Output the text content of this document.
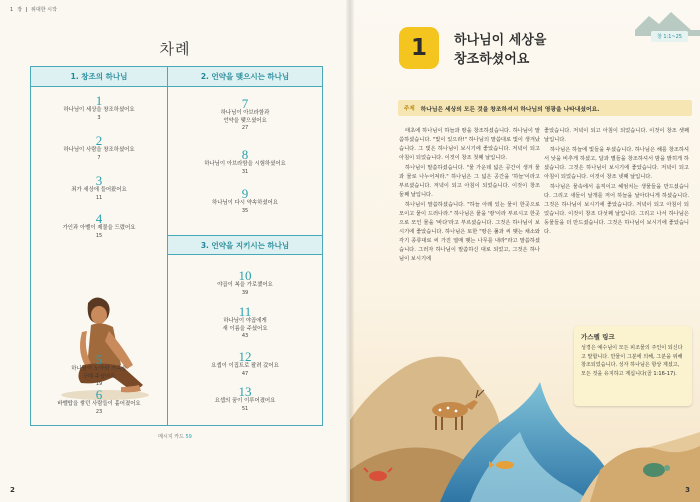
1 장 위대한 시작
차례
1. 창조의 하나님
1
하나님이 세상을 창조하셨어요
3
2
하나님이 사람을 창조하셨어요
7
3
죄가 세상에 들어왔어요
11
4
가인과 아벨이 제물을 드렸어요
15
5
하나님이 노아와 가족을
구해 주셨어요
19
6
바벨탑을 쌓던 사람들이 흩어졌어요
23
2. 언약을 맺으시는 하나님
7
하나님이 아브라함과
언약을 맺으셨어요
27
8
하나님이 아브라함을 시험하셨어요
31
9
하나님이 다시 약속하셨어요
35
3. 언약을 지키시는 하나님
10
야곱이 복을 가로챘어요
39
11
하나님이 야곱에게
새 이름을 주셨어요
43
12
요셉이 이집트로 팔려 갔어요
47
13
요셉의 꿈이 이루어졌어요
51
메시지 카드 59
2
1	하나님이 세상을
창조하셨어요
창 1:1~25
주제 하나님은 세상의 모든 것을 창조하셔서 하나님의 영광을 나타내셨어요.

태초에 하나님이 하늘과 땅을 창조하셨습니다. 하나님이 말씀하셨습니다. "빛이 있으라!" 하나님의 말씀대로 빛이 생겨났습니다. 그 빛은 하나님이 보시기에 좋았습니다. 저녁이 되고 아침이 되었습니다. 이것이 창조 첫째 날입니다.

하나님이 말씀하셨습니다. "물 가운데 넓은 공간이 생겨 물과 물로 나누어져라." 하나님은 그 넓은 공간을 '하늘'이라고 부르셨습니다. 저녁이 되고 아침이 되었습니다. 이것이 창조 둘째 날입니다.

하나님이 말씀하셨습니다. "하늘 아래 있는 물이 한곳으로 모이고 뭍이 드러나라." 하나님은 뭍을 '땅'이라 부르시고 한곳으로 모인 물을 '바다'라고 부르셨습니다. 그것은 하나님이 보시기에 좋았습니다. 하나님은 또한 "땅은 풀과 씨 맺는 채소와 각기 종류대로 씨 가진 열매 맺는 나무를 내라"라고 말씀하셨습니다. 그러자 하나님이 말씀하신 대로 되었고, 그것은 하나님이 보시기에

좋았습니다. 저녁이 되고 아침이 되었습니다. 이것이 창조 셋째 날입니다.

하나님은 하늘에 빛들을 두셨습니다. 하나님은 해를 창조하셔서 낮을 비추게 하셨고, 달과 별들을 창조하셔서 밤을 밝히게 하셨습니다. 그것은 하나님이 보시기에 좋았습니다. 저녁이 되고 아침이 되었습니다. 이것이 창조 넷째 날입니다.

하나님은 물속에서 움직이고 헤엄치는 생물들을 만드셨습니다. 그리고 새들이 날개를 저어 하늘을 날아다니게 하셨습니다. 그것은 하나님이 보시기에 좋았습니다. 저녁이 되고 아침이 되었습니다. 이것이 창조 다섯째 날입니다. 그리고 나서 하나님은 동물들을 더 만드셨습니다. 그것은 하나님이 보시기에 좋았습니다.

가스펠 링크
성경은 예수님이 모든 피조물의 주인이 되신다고 말합니다. 만물이 그분에 의해, 그분을 위해 창조되었습니다. 성자 하나님은 항상 계셨고, 모든 것을 유지하고 계십니다(골 1:16-17).
3
